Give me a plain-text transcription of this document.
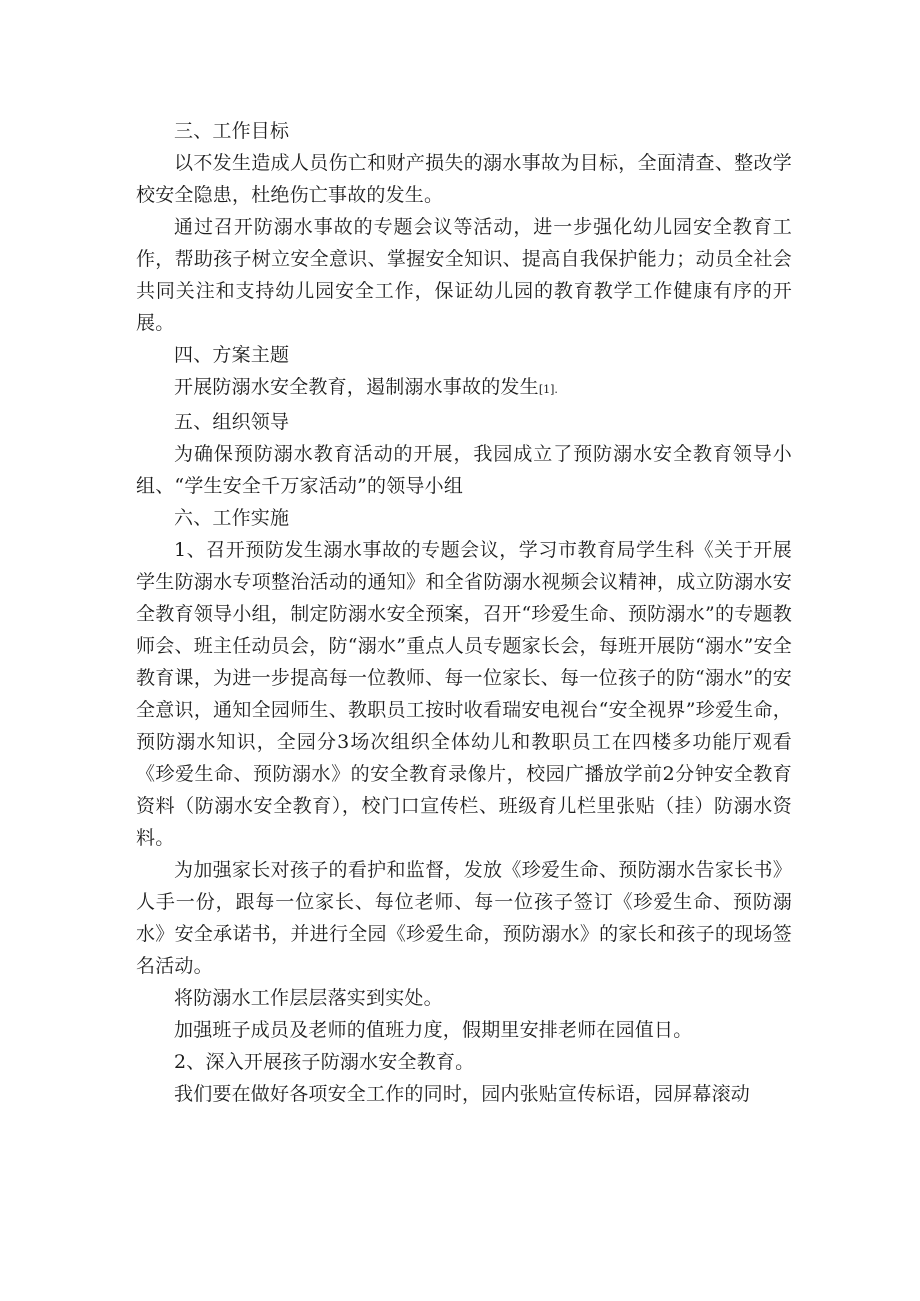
三、工作目标

以不发生造成人员伤亡和财产损失的溺水事故为目标，全面清查、整改学校安全隐患，杜绝伤亡事故的发生。

通过召开防溺水事故的专题会议等活动，进一步强化幼儿园安全教育工作，帮助孩子树立安全意识、掌握安全知识、提高自我保护能力；动员全社会共同关注和支持幼儿园安全工作，保证幼儿园的教育教学工作健康有序的开展。

四、方案主题

开展防溺水安全教育，遏制溺水事故的发生[1].

五、组织领导

为确保预防溺水教育活动的开展，我园成立了预防溺水安全教育领导小组、“学生安全千万家活动”的领导小组

六、工作实施

1、召开预防发生溺水事故的专题会议，学习市教育局学生科《关于开展学生防溺水专项整治活动的通知》和全省防溺水视频会议精神，成立防溺水安全教育领导小组，制定防溺水安全预案，召开“珍爱生命、预防溺水”的专题教师会、班主任动员会，防“溺水”重点人员专题家长会，每班开展防“溺水”安全教育课，为进一步提高每一位教师、每一位家长、每一位孩子的防“溺水”的安全意识，通知全园师生、教职员工按时收看瑞安电视台“安全视界”珍爱生命，预防溺水知识，全园分3场次组织全体幼儿和教职员工在四楼多功能厅观看《珍爱生命、预防溺水》的安全教育录像片，校园广播放学前2分钟安全教育资料（防溺水安全教育），校门口宣传栏、班级育儿栏里张贴（挂）防溺水资料。

为加强家长对孩子的看护和监督，发放《珍爱生命、预防溺水告家长书》人手一份，跟每一位家长、每位老师、每一位孩子签订《珍爱生命、预防溺水》安全承诺书，并进行全园《珍爱生命，预防溺水》的家长和孩子的现场签名活动。

将防溺水工作层层落实到实处。

加强班子成员及老师的值班力度，假期里安排老师在园值日。

2、深入开展孩子防溺水安全教育。

我们要在做好各项安全工作的同时，园内张贴宣传标语，园屏幕滚动
